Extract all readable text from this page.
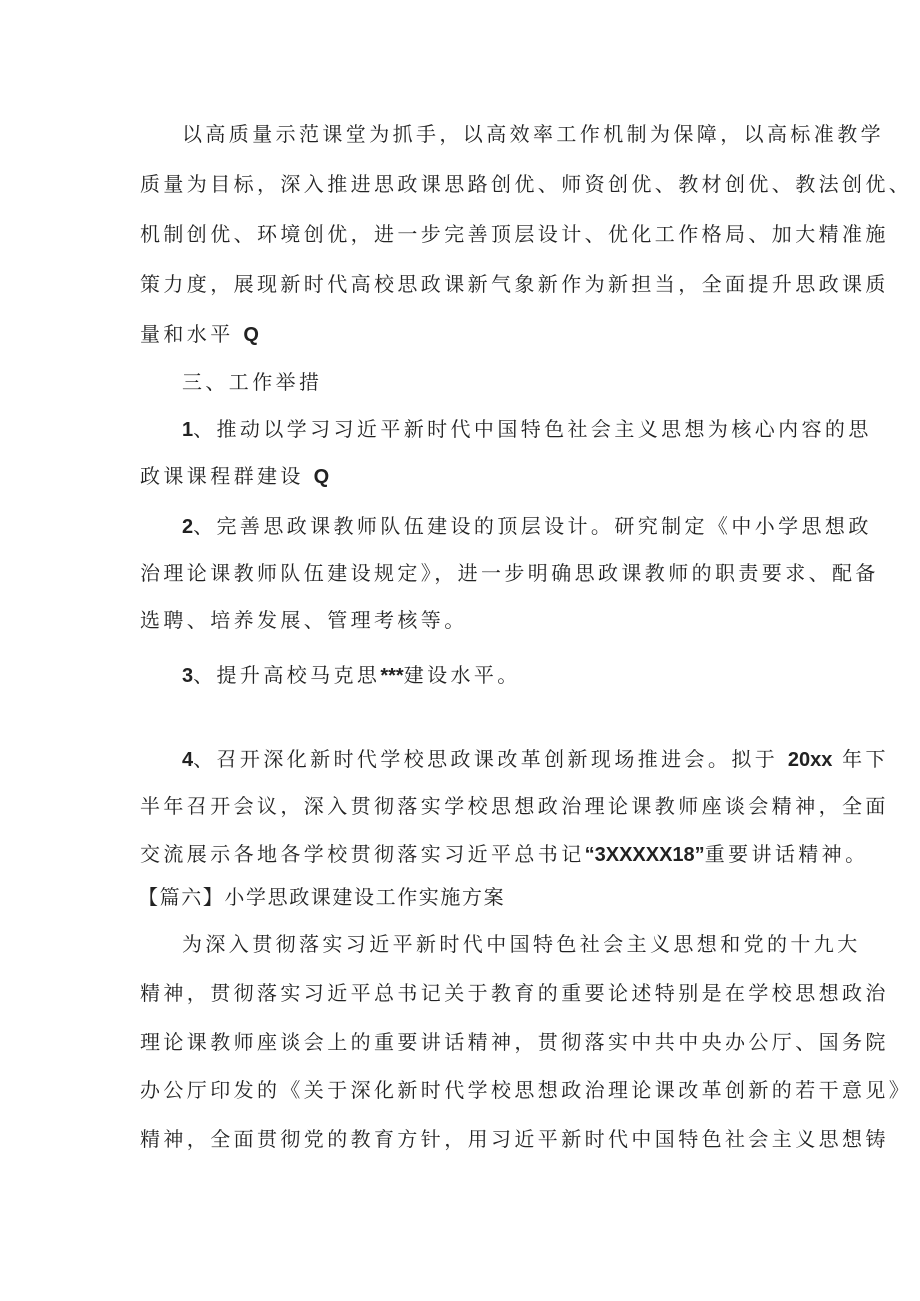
以高质量示范课堂为抓手，以高效率工作机制为保障，以高标准教学
质量为目标，深入推进思政课思路创优、师资创优、教材创优、教法创优、
机制创优、环境创优，进一步完善顶层设计、优化工作格局、加大精准施
策力度，展现新时代高校思政课新气象新作为新担当，全面提升思政课质
量和水平 Q
三、工作举措
1、推动以学习习近平新时代中国特色社会主义思想为核心内容的思
政课课程群建设 Q
2、完善思政课教师队伍建设的顶层设计。研究制定《中小学思想政
治理论课教师队伍建设规定》，进一步明确思政课教师的职责要求、配备
选聘、培养发展、管理考核等。
3、提升高校马克思***建设水平。
4、召开深化新时代学校思政课改革创新现场推进会。拟于 20xx 年下
半年召开会议，深入贯彻落实学校思想政治理论课教师座谈会精神，全面
交流展示各地各学校贯彻落实习近平总书记“3XXXXX18”重要讲话精神。
【篇六】小学思政课建设工作实施方案
为深入贯彻落实习近平新时代中国特色社会主义思想和党的十九大
精神，贯彻落实习近平总书记关于教育的重要论述特别是在学校思想政治
理论课教师座谈会上的重要讲话精神，贯彻落实中共中央办公厅、国务院
办公厅印发的《关于深化新时代学校思想政治理论课改革创新的若干意见》
精神，全面贯彻党的教育方针，用习近平新时代中国特色社会主义思想铸
